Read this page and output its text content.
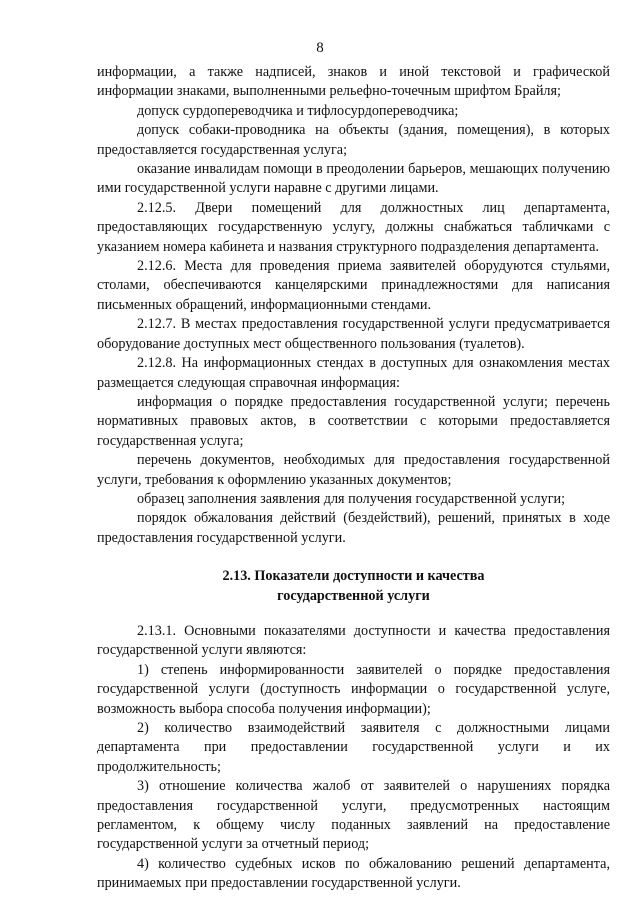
8

информации, а также надписей, знаков и иной текстовой и графической информации знаками, выполненными рельефно-точечным шрифтом Брайля;

допуск сурдопереводчика и тифлосурдопереводчика;

допуск собаки-проводника на объекты (здания, помещения), в которых предоставляется государственная услуга;

оказание инвалидам помощи в преодолении барьеров, мешающих получению ими государственной услуги наравне с другими лицами.

2.12.5. Двери помещений для должностных лиц департамента, предоставляющих государственную услугу, должны снабжаться табличками с указанием номера кабинета и названия структурного подразделения департамента.

2.12.6. Места для проведения приема заявителей оборудуются стульями, столами, обеспечиваются канцелярскими принадлежностями для написания письменных обращений, информационными стендами.

2.12.7. В местах предоставления государственной услуги предусматривается оборудование доступных мест общественного пользования (туалетов).

2.12.8. На информационных стендах в доступных для ознакомления местах размещается следующая справочная информация:

информация о порядке предоставления государственной услуги; перечень нормативных правовых актов, в соответствии с которыми предоставляется государственная услуга;

перечень документов, необходимых для предоставления государственной услуги, требования к оформлению указанных документов;

образец заполнения заявления для получения государственной услуги;

порядок обжалования действий (бездействий), решений, принятых в ходе предоставления государственной услуги.

2.13. Показатели доступности и качества
государственной услуги

2.13.1. Основными показателями доступности и качества предоставления государственной услуги являются:

1) степень информированности заявителей о порядке предоставления государственной услуги (доступность информации о государственной услуге, возможность выбора способа получения информации);

2) количество взаимодействий заявителя с должностными лицами департамента при предоставлении государственной услуги и их продолжительность;

3) отношение количества жалоб от заявителей о нарушениях порядка предоставления государственной услуги, предусмотренных настоящим регламентом, к общему числу поданных заявлений на предоставление государственной услуги за отчетный период;

4) количество судебных исков по обжалованию решений департамента, принимаемых при предоставлении государственной услуги.
